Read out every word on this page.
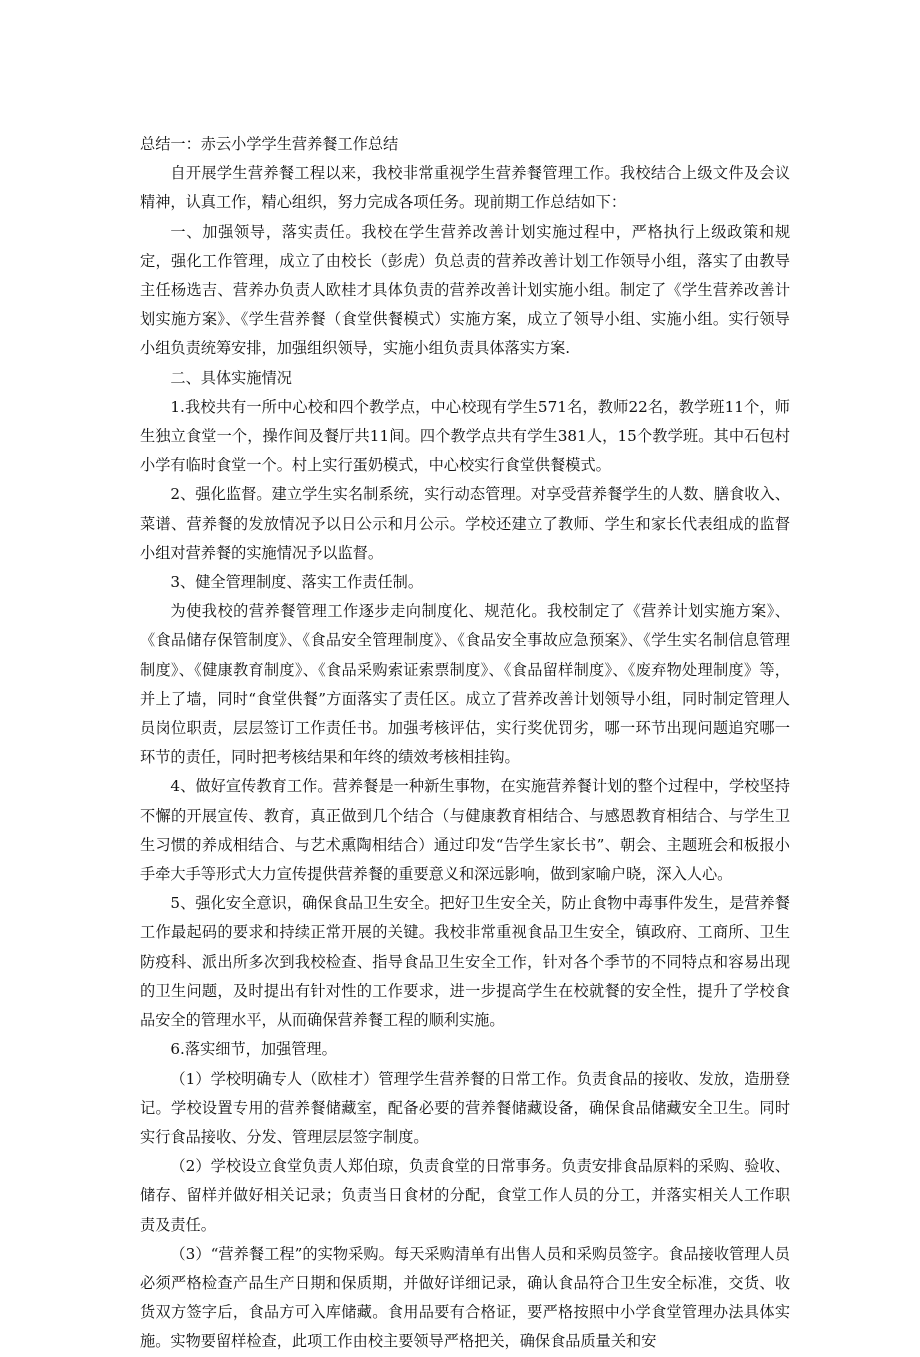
总结一：赤云小学学生营养餐工作总结

自开展学生营养餐工程以来，我校非常重视学生营养餐管理工作。我校结合上级文件及会议精神，认真工作，精心组织，努力完成各项任务。现前期工作总结如下：

一、加强领导，落实责任。我校在学生营养改善计划实施过程中，严格执行上级政策和规定，强化工作管理，成立了由校长（彭虎）负总责的营养改善计划工作领导小组，落实了由教导主任杨选吉、营养办负责人欧桂才具体负责的营养改善计划实施小组。制定了《学生营养改善计划实施方案》、《学生营养餐（食堂供餐模式）实施方案，成立了领导小组、实施小组。实行领导小组负责统筹安排，加强组织领导，实施小组负责具体落实方案.

二、具体实施情况

1.我校共有一所中心校和四个教学点，中心校现有学生571名，教师22名，教学班11个，师生独立食堂一个，操作间及餐厅共11间。四个教学点共有学生381人，15个教学班。其中石包村小学有临时食堂一个。村上实行蛋奶模式，中心校实行食堂供餐模式。

2、强化监督。建立学生实名制系统，实行动态管理。对享受营养餐学生的人数、膳食收入、菜谱、营养餐的发放情况予以日公示和月公示。学校还建立了教师、学生和家长代表组成的监督小组对营养餐的实施情况予以监督。

3、健全管理制度、落实工作责任制。

为使我校的营养餐管理工作逐步走向制度化、规范化。我校制定了《营养计划实施方案》、《食品储存保管制度》、《食品安全管理制度》、《食品安全事故应急预案》、《学生实名制信息管理制度》、《健康教育制度》、《食品采购索证索票制度》、《食品留样制度》、《废弃物处理制度》等，并上了墙，同时“食堂供餐”方面落实了责任区。成立了营养改善计划领导小组，同时制定管理人员岗位职责，层层签订工作责任书。加强考核评估，实行奖优罚劣，哪一环节出现问题追究哪一环节的责任，同时把考核结果和年终的绩效考核相挂钩。

4、做好宣传教育工作。营养餐是一种新生事物，在实施营养餐计划的整个过程中，学校坚持不懈的开展宣传、教育，真正做到几个结合（与健康教育相结合、与感恩教育相结合、与学生卫生习惯的养成相结合、与艺术熏陶相结合）通过印发“告学生家长书”、朝会、主题班会和板报小手牵大手等形式大力宣传提供营养餐的重要意义和深远影响，做到家喻户晓，深入人心。

5、强化安全意识，确保食品卫生安全。把好卫生安全关，防止食物中毒事件发生，是营养餐工作最起码的要求和持续正常开展的关键。我校非常重视食品卫生安全，镇政府、工商所、卫生防疫科、派出所多次到我校检查、指导食品卫生安全工作，针对各个季节的不同特点和容易出现的卫生问题，及时提出有针对性的工作要求，进一步提高学生在校就餐的安全性，提升了学校食品安全的管理水平，从而确保营养餐工程的顺利实施。

6.落实细节，加强管理。

（1）学校明确专人（欧桂才）管理学生营养餐的日常工作。负责食品的接收、发放，造册登记。学校设置专用的营养餐储藏室，配备必要的营养餐储藏设备，确保食品储藏安全卫生。同时实行食品接收、分发、管理层层签字制度。

（2）学校设立食堂负责人郑伯琼，负责食堂的日常事务。负责安排食品原料的采购、验收、储存、留样并做好相关记录；负责当日食材的分配，食堂工作人员的分工，并落实相关人工作职责及责任。

（3）“营养餐工程”的实物采购。每天采购清单有出售人员和采购员签字。食品接收管理人员必须严格检查产品生产日期和保质期，并做好详细记录，确认食品符合卫生安全标准，交货、收货双方签字后，食品方可入库储藏。食用品要有合格证，要严格按照中小学食堂管理办法具体实施。实物要留样检查，此项工作由校主要领导严格把关，确保食品质量关和安
